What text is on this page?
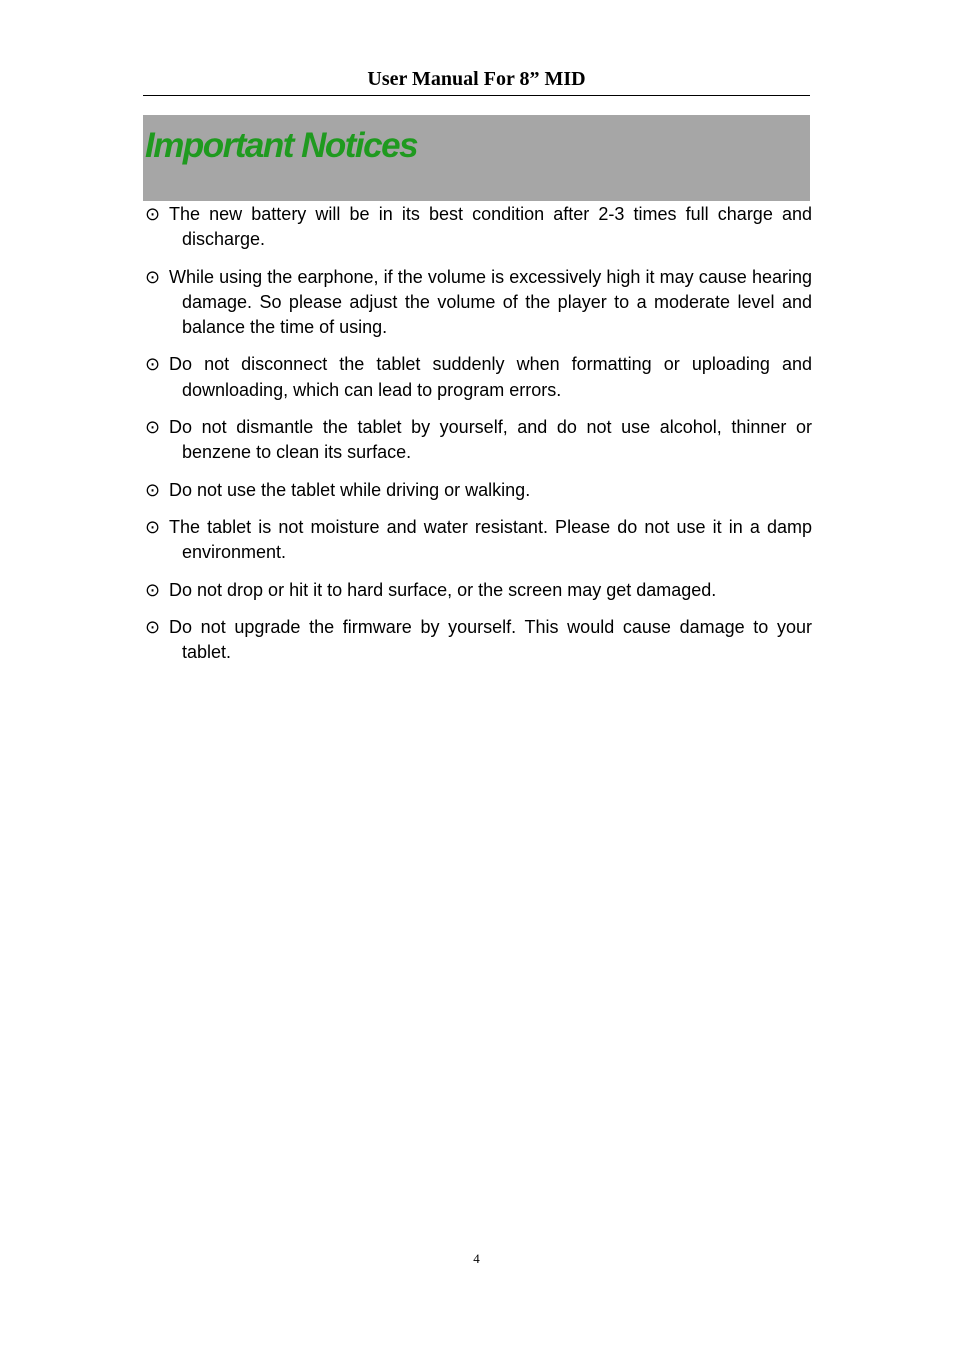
User Manual For 8” MID
Important Notices
⊙ The new battery will be in its best condition after 2-3 times full charge and discharge.
⊙ While using the earphone, if the volume is excessively high it may cause hearing damage. So please adjust the volume of the player to a moderate level and balance the time of using.
⊙ Do not disconnect the tablet suddenly when formatting or uploading and downloading, which can lead to program errors.
⊙ Do not dismantle the tablet by yourself, and do not use alcohol, thinner or benzene to clean its surface.
⊙ Do not use the tablet while driving or walking.
⊙ The tablet is not moisture and water resistant. Please do not use it in a damp environment.
⊙ Do not drop or hit it to hard surface, or the screen may get damaged.
⊙ Do not upgrade the firmware by yourself. This would cause damage to your tablet.
4
